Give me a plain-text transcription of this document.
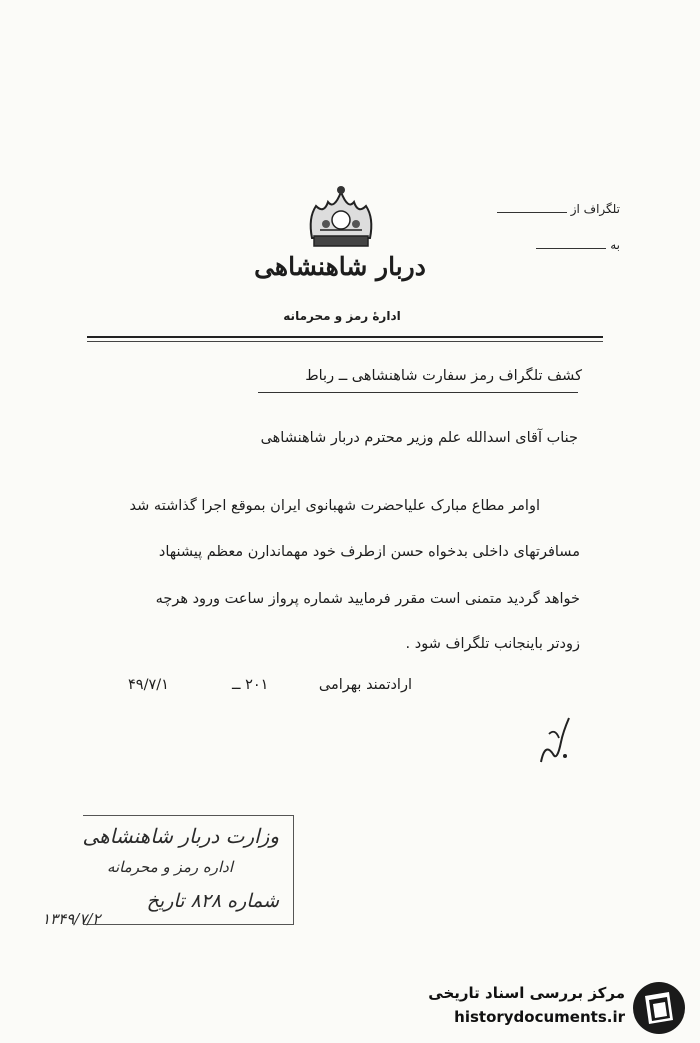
دربار شاهنشاهی
ادارهٔ رمز و محرمانه
تلگراف از
به
کشف تلگراف رمز سفارت شاهنشاهی ــ رباط
جناب آقای اسدالله علم وزیر محترم دربار شاهنشاهی
اوامر مطاع مبارک علیاحضرت شهبانوی ایران بموقع اجرا گذاشته شد
مسافرتهای داخلی بدخواه حسن ازطرف خود مهماندارن معظم پیشنهاد
خواهد گردید متمنی است مقرر فرمایید شماره پرواز ساعت ورود هرچه
زودتر باینجانب تلگراف شود .
ارادتمند بهرامی
۲۰۱ ــ
۴۹/۷/۱
وزارت دربار شاهنشاهی
اداره رمز و محرمانه
شماره ۸۲۸ تاریخ
۱۳۴۹/۷/۲
مرکز بررسی اسناد تاریخی
historydocuments.ir
